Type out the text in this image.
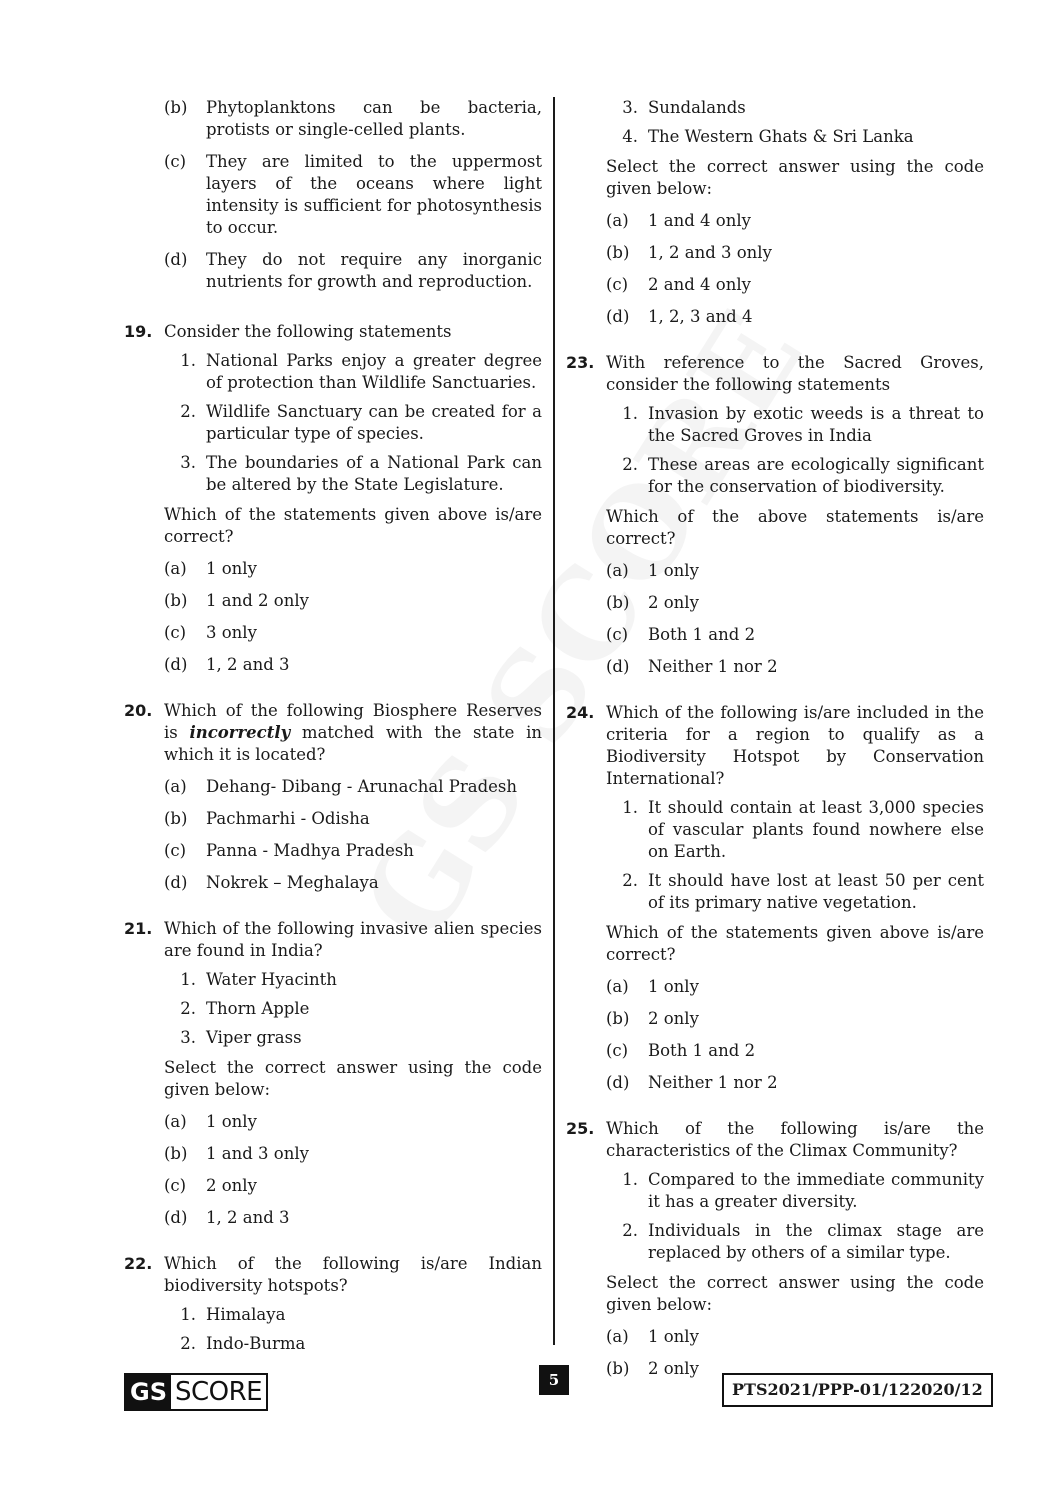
(b)	Phytoplanktons can be bacteria, protists or single-celled plants.
(c)	They are limited to the uppermost layers of the oceans where light intensity is sufficient for photosynthesis to occur.
(d)	They do not require any inorganic nutrients for growth and reproduction.
19. Consider the following statements
1. National Parks enjoy a greater degree of protection than Wildlife Sanctuaries.
2. Wildlife Sanctuary can be created for a particular type of species.
3. The boundaries of a National Park can be altered by the State Legislature.
Which of the statements given above is/are correct?
(a)	1 only
(b)	1 and 2 only
(c)	3 only
(d)	1, 2 and 3
20. Which of the following Biosphere Reserves is incorrectly matched with the state in which it is located?
(a)	Dehang- Dibang - Arunachal Pradesh
(b)	Pachmarhi - Odisha
(c)	Panna - Madhya Pradesh
(d)	Nokrek – Meghalaya
21. Which of the following invasive alien species are found in India?
1. Water Hyacinth
2. Thorn Apple
3. Viper grass
Select the correct answer using the code given below:
(a)	1 only
(b)	1 and 3 only
(c)	2 only
(d)	1, 2 and 3
22. Which of the following is/are Indian biodiversity hotspots?
1. Himalaya
2. Indo-Burma
3. Sundalands
4. The Western Ghats & Sri Lanka
Select the correct answer using the code given below:
(a)	1 and 4 only
(b)	1, 2 and 3 only
(c)	2 and 4 only
(d)	1, 2, 3 and 4
23. With reference to the Sacred Groves, consider the following statements
1. Invasion by exotic weeds is a threat to the Sacred Groves in India
2. These areas are ecologically significant for the conservation of biodiversity.
Which of the above statements is/are correct?
(a)	1 only
(b)	2 only
(c)	Both 1 and 2
(d)	Neither 1 nor 2
24. Which of the following is/are included in the criteria for a region to qualify as a Biodiversity Hotspot by Conservation International?
1. It should contain at least 3,000 species of vascular plants found nowhere else on Earth.
2. It should have lost at least 50 per cent of its primary native vegetation.
Which of the statements given above is/are correct?
(a)	1 only
(b)	2 only
(c)	Both 1 and 2
(d)	Neither 1 nor 2
25. Which of the following is/are the characteristics of the Climax Community?
1. Compared to the immediate community it has a greater diversity.
2. Individuals in the climax stage are replaced by others of a similar type.
Select the correct answer using the code given below:
(a)	1 only
(b)	2 only
GS SCORE	5	PTS2021/PPP-01/122020/12
